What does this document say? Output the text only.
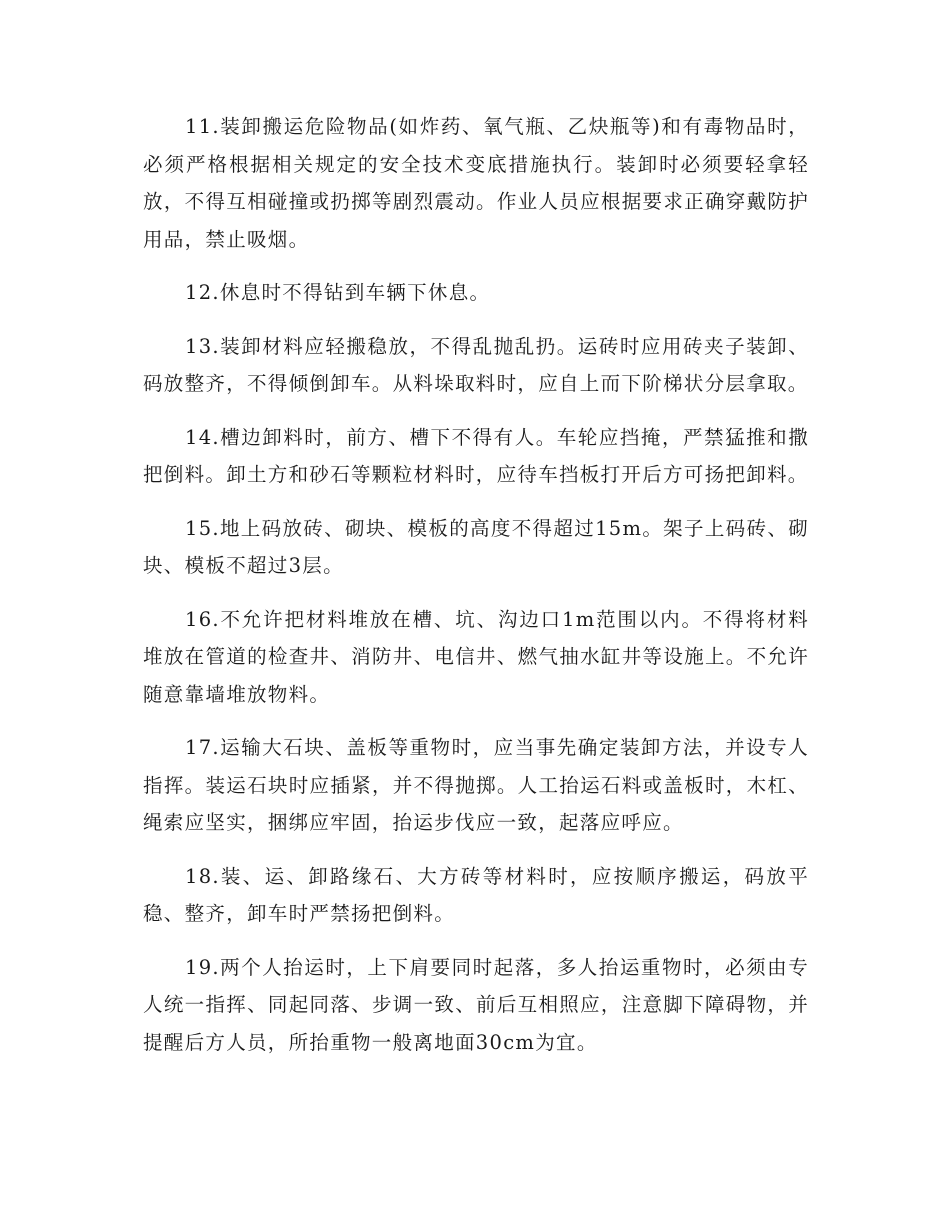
11.装卸搬运危险物品(如炸药、氧气瓶、乙炔瓶等)和有毒物品时，必须严格根据相关规定的安全技术变底措施执行。装卸时必须要轻拿轻放，不得互相碰撞或扔掷等剧烈震动。作业人员应根据要求正确穿戴防护用品，禁止吸烟。

12.休息时不得钻到车辆下休息。

13.装卸材料应轻搬稳放，不得乱抛乱扔。运砖时应用砖夹子装卸、码放整齐，不得倾倒卸车。从料垛取料时，应自上而下阶梯状分层拿取。

14.槽边卸料时，前方、槽下不得有人。车轮应挡掩，严禁猛推和撒把倒料。卸土方和砂石等颗粒材料时，应待车挡板打开后方可扬把卸料。

15.地上码放砖、砌块、模板的高度不得超过15m。架子上码砖、砌块、模板不超过3层。

16.不允许把材料堆放在槽、坑、沟边口1m范围以内。不得将材料堆放在管道的检查井、消防井、电信井、燃气抽水缸井等设施上。不允许随意靠墙堆放物料。

17.运输大石块、盖板等重物时，应当事先确定装卸方法，并设专人指挥。装运石块时应插紧，并不得抛掷。人工抬运石料或盖板时，木杠、绳索应坚实，捆绑应牢固，抬运步伐应一致，起落应呼应。

18.装、运、卸路缘石、大方砖等材料时，应按顺序搬运，码放平稳、整齐，卸车时严禁扬把倒料。

19.两个人抬运时，上下肩要同时起落，多人抬运重物时，必须由专人统一指挥、同起同落、步调一致、前后互相照应，注意脚下障碍物，并提醒后方人员，所抬重物一般离地面30cm为宜。
